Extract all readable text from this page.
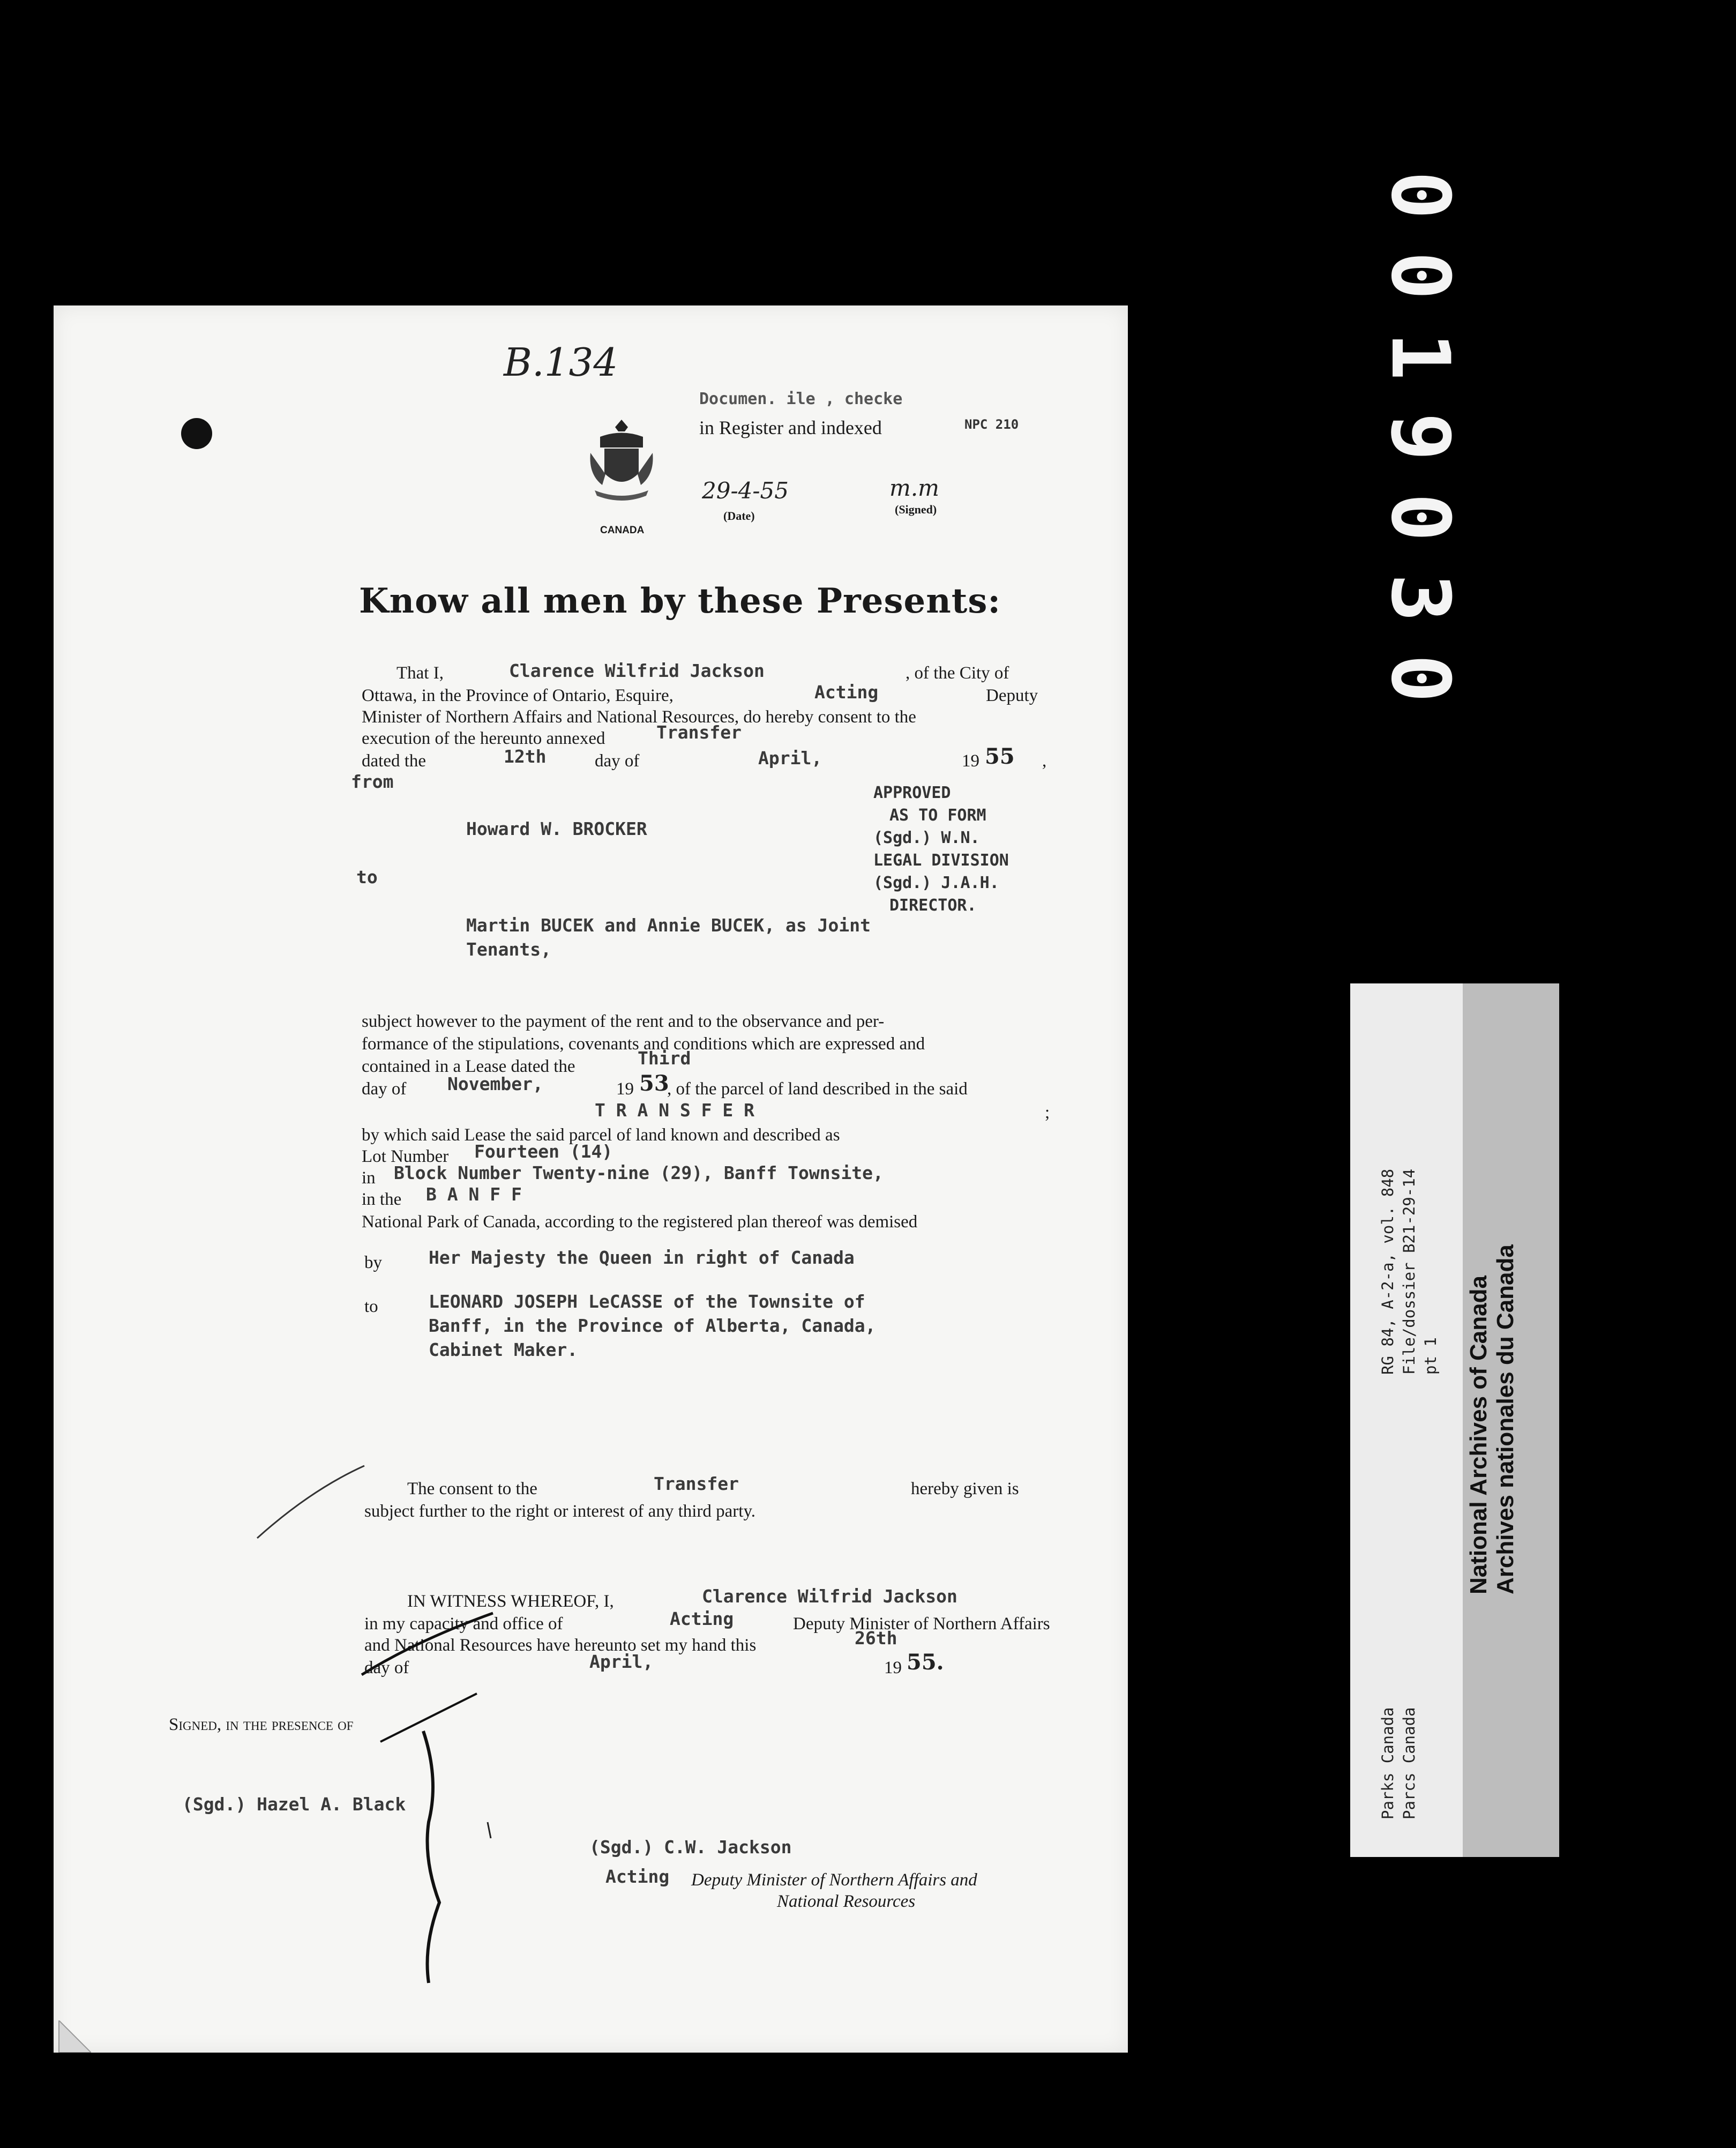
0019030
B.134
Documen. ile , checke
in Register and indexed	NPC 210
29-4-55
(Date)
m.m
(Signed)
CANADA
Know all men by these Presents:
That I,	Clarence Wilfrid Jackson	, of the City of
Ottawa, in the Province of Ontario, Esquire,	Acting	Deputy
Minister of Northern Affairs and National Resources, do hereby consent to the
execution of the hereunto annexed	Transfer
dated the	12th	day of	April,	19 55 ,
from
Howard W. BROCKER
to
Martin BUCEK and Annie BUCEK, as Joint
Tenants,
APPROVED
AS TO FORM
(Sgd.) W.N.
LEGAL DIVISION
(Sgd.) J.A.H.
DIRECTOR.
subject however to the payment of the rent and to the observance and per-
formance of the stipulations, covenants and conditions which are expressed and
contained in a Lease dated the	Third
day of November,	19 53
, of the parcel of land described in the said
T R A N S F E R	;
by which said Lease the said parcel of land known and described as
Lot Number Fourteen (14)
in Block Number Twenty-nine (29), Banff Townsite,
in the B A N F F
National Park of Canada, according to the registered plan thereof was demised
by	Her Majesty the Queen in right of Canada
to	LEONARD JOSEPH LeCASSE of the Townsite of
Banff, in the Province of Alberta, Canada,
Cabinet Maker.
The consent to the	Transfer	hereby given is
subject further to the right or interest of any third party.
IN WITNESS WHEREOF, I,	Clarence Wilfrid Jackson
in my capacity and office of	Acting	Deputy Minister of Northern Affairs
and National Resources have hereunto set my hand this	26th
day of	April,	19 55.
Signed, in the presence of
(Sgd.) Hazel A. Black
(Sgd.) C.W. Jackson
Acting Deputy Minister of Northern Affairs and
National Resources
RG 84, A-2-a, vol. 848 File/dossier B21-29-14 pt 1
Parks Canada Parcs Canada
National Archives of Canada Archives nationales du Canada
